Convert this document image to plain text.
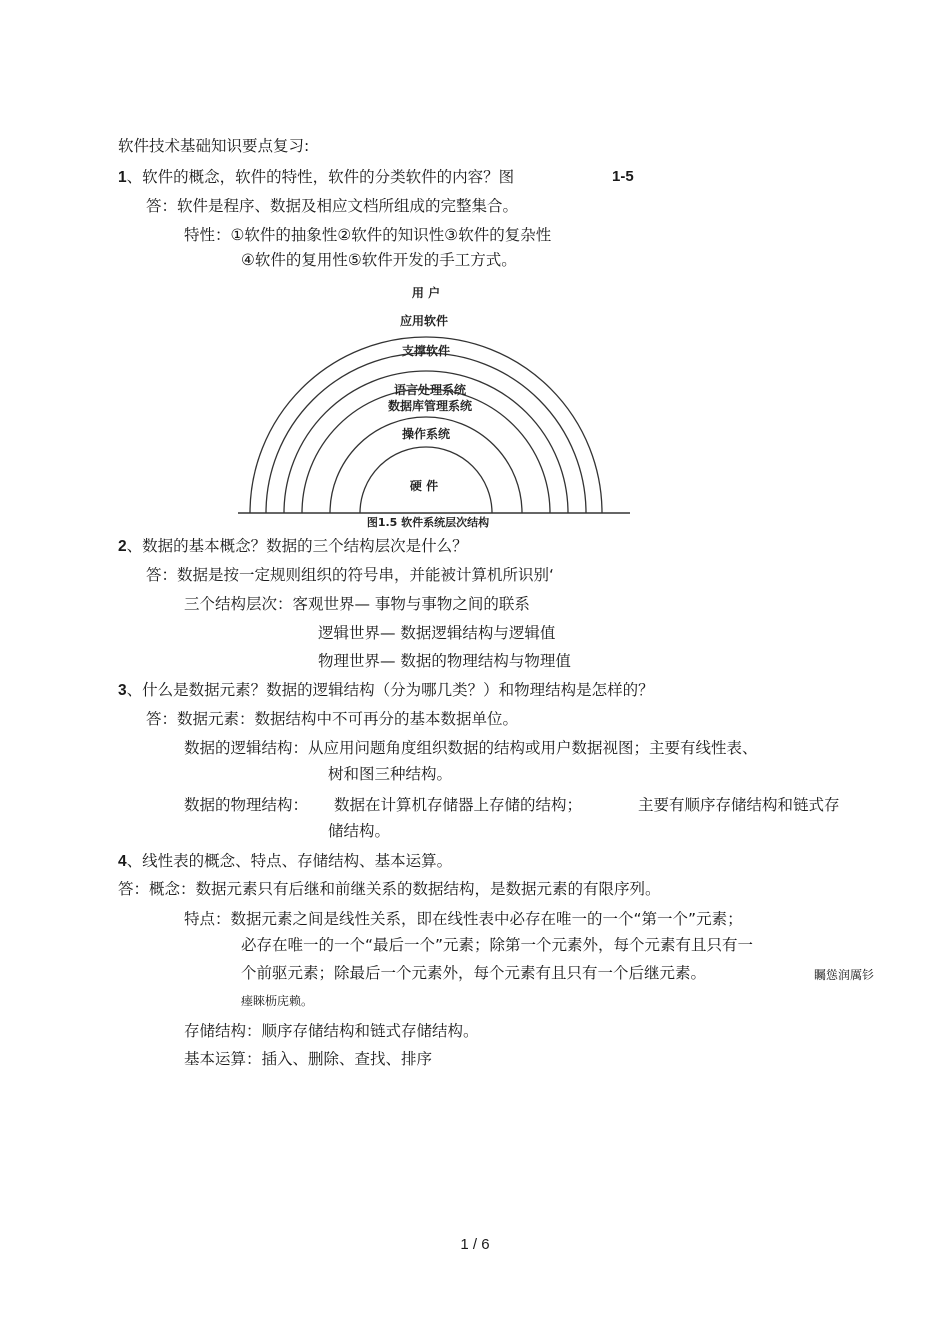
软件技术基础知识要点复习:
1、软件的概念，软件的特性，软件的分类软件的内容？图	1-5
答：软件是程序、数据及相应文档所组成的完整集合。
特性：①软件的抽象性②软件的知识性③软件的复杂性
④软件的复用性⑤软件开发的手工方式。
用 户
应用软件
支撑软件
语言处理系统
数据库管理系统
操作系统
硬 件
图1.5 软件系统层次结构
2、数据的基本概念？数据的三个结构层次是什么？
答：数据是按一定规则组织的符号串，并能被计算机所识别‘
三个结构层次：客观世界— 事物与事物之间的联系
逻辑世界— 数据逻辑结构与逻辑值
物理世界— 数据的物理结构与物理值
3、什么是数据元素？数据的逻辑结构（分为哪几类？）和物理结构是怎样的？
答：数据元素：数据结构中不可再分的基本数据单位。
数据的逻辑结构：从应用问题角度组织数据的结构或用户数据视图；主要有线性表、
树和图三种结构。
数据的物理结构： 数据在计算机存储器上存储的结构；	主要有顺序存储结构和链式存
储结构。
4、线性表的概念、特点、存储结构、基本运算。
答：概念：数据元素只有后继和前继关系的数据结构，是数据元素的有限序列。
特点：数据元素之间是线性关系，即在线性表中必存在唯一的一个“第一个”元素；
必存在唯一的一个“最后一个”元素；除第一个元素外，每个元素有且只有一
个前驱元素；除最后一个元素外，每个元素有且只有一个后继元素。	矚慫润厲钐
瘗睞枥庑赖。
存储结构：顺序存储结构和链式存储结构。
基本运算：插入、删除、查找、排序
1 / 6
